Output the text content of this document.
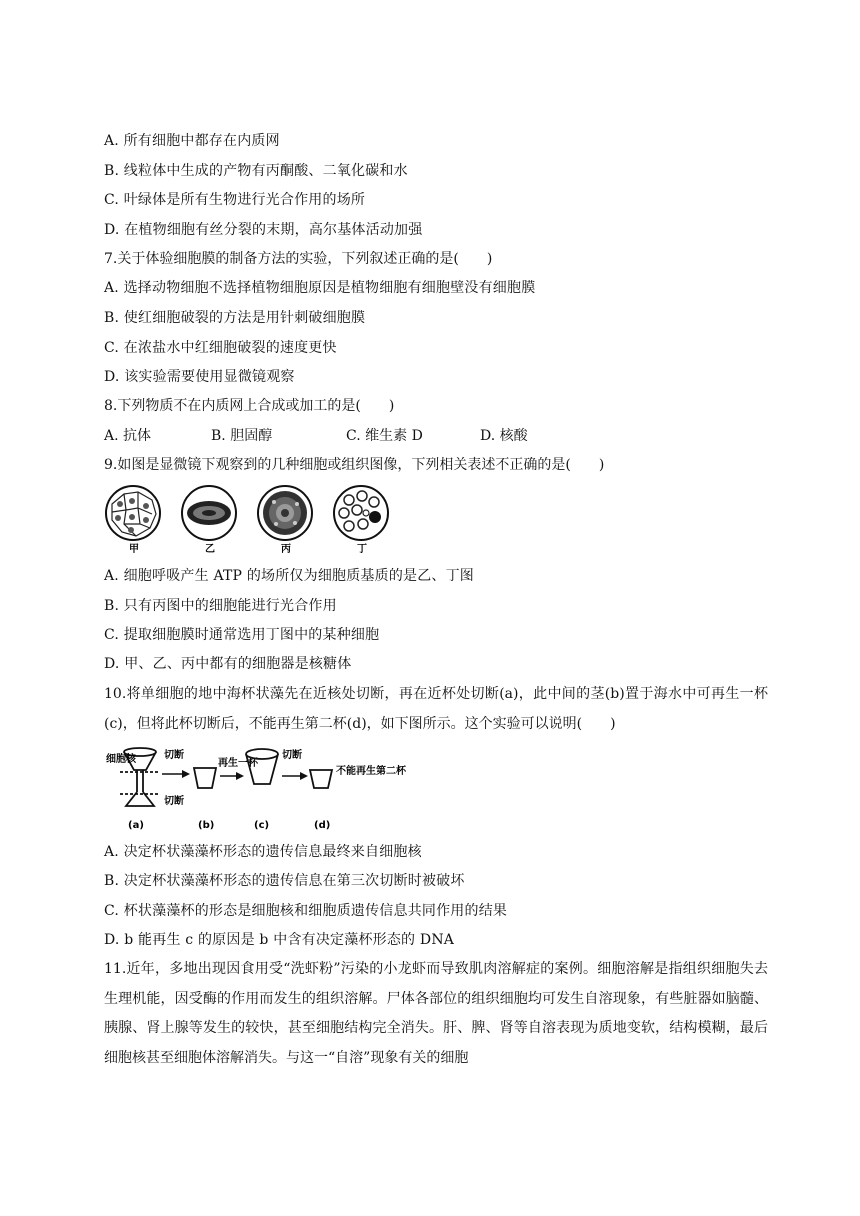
A. 所有细胞中都存在内质网
B. 线粒体中生成的产物有丙酮酸、二氧化碳和水
C. 叶绿体是所有生物进行光合作用的场所
D. 在植物细胞有丝分裂的末期，高尔基体活动加强
7.关于体验细胞膜的制备方法的实验，下列叙述正确的是(　　)
A. 选择动物细胞不选择植物细胞原因是植物细胞有细胞壁没有细胞膜
B. 使红细胞破裂的方法是用针刺破细胞膜
C. 在浓盐水中红细胞破裂的速度更快
D. 该实验需要使用显微镜观察
8.下列物质不在内质网上合成或加工的是(　　)
A. 抗体	B. 胆固醇	C. 维生素 D	D. 核酸
9.如图是显微镜下观察到的几种细胞或组织图像，下列相关表述不正确的是(　　)
甲	乙	丙	丁
A. 细胞呼吸产生 ATP 的场所仅为细胞质基质的是乙、丁图
B. 只有丙图中的细胞能进行光合作用
C. 提取细胞膜时通常选用丁图中的某种细胞
D. 甲、乙、丙中都有的细胞器是核糖体
10.将单细胞的地中海杯状藻先在近核处切断，再在近杯处切断(a)，此中间的茎(b)置于海水中可再生一杯(c)，但将此杯切断后，不能再生第二杯(d)，如下图所示。这个实验可以说明(　　)
细胞核	切断
切断
再生一杯
切断
不能再生第二杯
(a)	(b)	(c)	(d)
A. 决定杯状藻藻杯形态的遗传信息最终来自细胞核
B. 决定杯状藻藻杯形态的遗传信息在第三次切断时被破坏
C. 杯状藻藻杯的形态是细胞核和细胞质遗传信息共同作用的结果
D. b 能再生 c 的原因是 b 中含有决定藻杯形态的 DNA
11.近年，多地出现因食用受“洗虾粉”污染的小龙虾而导致肌肉溶解症的案例。细胞溶解是指组织细胞失去生理机能，因受酶的作用而发生的组织溶解。尸体各部位的组织细胞均可发生自溶现象，有些脏器如脑髓、胰腺、肾上腺等发生的较快，甚至细胞结构完全消失。肝、脾、肾等自溶表现为质地变软，结构模糊，最后细胞核甚至细胞体溶解消失。与这一“自溶”现象有关的细胞
